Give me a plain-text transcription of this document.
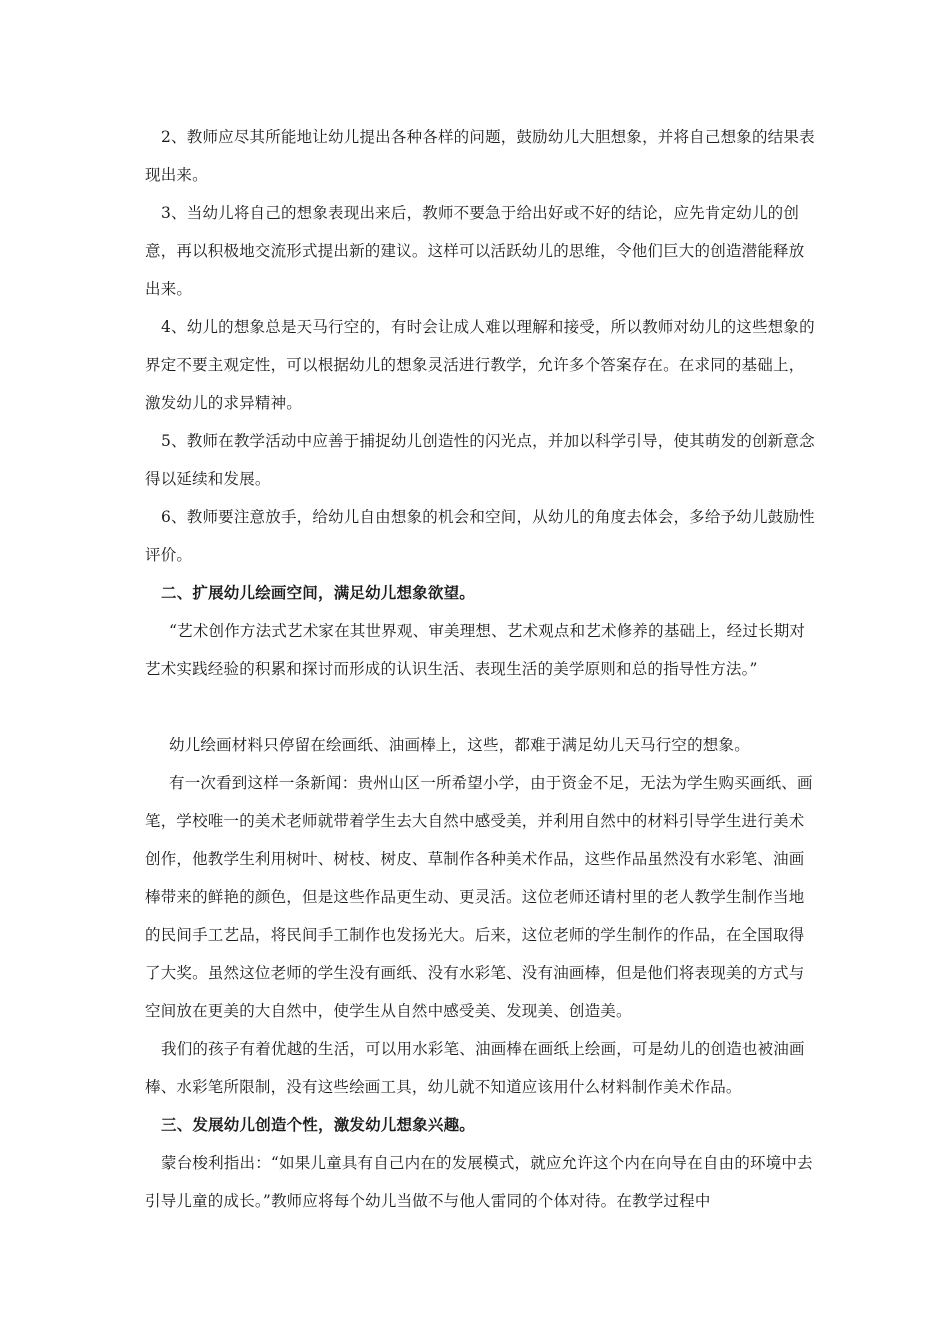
2、教师应尽其所能地让幼儿提出各种各样的问题，鼓励幼儿大胆想象，并将自己想象的结果表现出来。

3、当幼儿将自己的想象表现出来后，教师不要急于给出好或不好的结论，应先肯定幼儿的创意，再以积极地交流形式提出新的建议。这样可以活跃幼儿的思维，令他们巨大的创造潜能释放出来。

4、幼儿的想象总是天马行空的，有时会让成人难以理解和接受，所以教师对幼儿的这些想象的界定不要主观定性，可以根据幼儿的想象灵活进行教学，允许多个答案存在。在求同的基础上，激发幼儿的求异精神。

5、教师在教学活动中应善于捕捉幼儿创造性的闪光点，并加以科学引导，使其萌发的创新意念得以延续和发展。

6、教师要注意放手，给幼儿自由想象的机会和空间，从幼儿的角度去体会，多给予幼儿鼓励性评价。

二、扩展幼儿绘画空间，满足幼儿想象欲望。

“艺术创作方法式艺术家在其世界观、审美理想、艺术观点和艺术修养的基础上，经过长期对艺术实践经验的积累和探讨而形成的认识生活、表现生活的美学原则和总的指导性方法。”

幼儿绘画材料只停留在绘画纸、油画棒上，这些，都难于满足幼儿天马行空的想象。

有一次看到这样一条新闻：贵州山区一所希望小学，由于资金不足，无法为学生购买画纸、画笔，学校唯一的美术老师就带着学生去大自然中感受美，并利用自然中的材料引导学生进行美术创作，他教学生利用树叶、树枝、树皮、草制作各种美术作品，这些作品虽然没有水彩笔、油画棒带来的鲜艳的颜色，但是这些作品更生动、更灵活。这位老师还请村里的老人教学生制作当地的民间手工艺品，将民间手工制作也发扬光大。后来，这位老师的学生制作的作品，在全国取得了大奖。虽然这位老师的学生没有画纸、没有水彩笔、没有油画棒，但是他们将表现美的方式与空间放在更美的大自然中，使学生从自然中感受美、发现美、创造美。

我们的孩子有着优越的生活，可以用水彩笔、油画棒在画纸上绘画，可是幼儿的创造也被油画棒、水彩笔所限制，没有这些绘画工具，幼儿就不知道应该用什么材料制作美术作品。

三、发展幼儿创造个性，激发幼儿想象兴趣。

蒙台梭利指出：“如果儿童具有自己内在的发展模式，就应允许这个内在向导在自由的环境中去引导儿童的成长。”教师应将每个幼儿当做不与他人雷同的个体对待。在教学过程中
